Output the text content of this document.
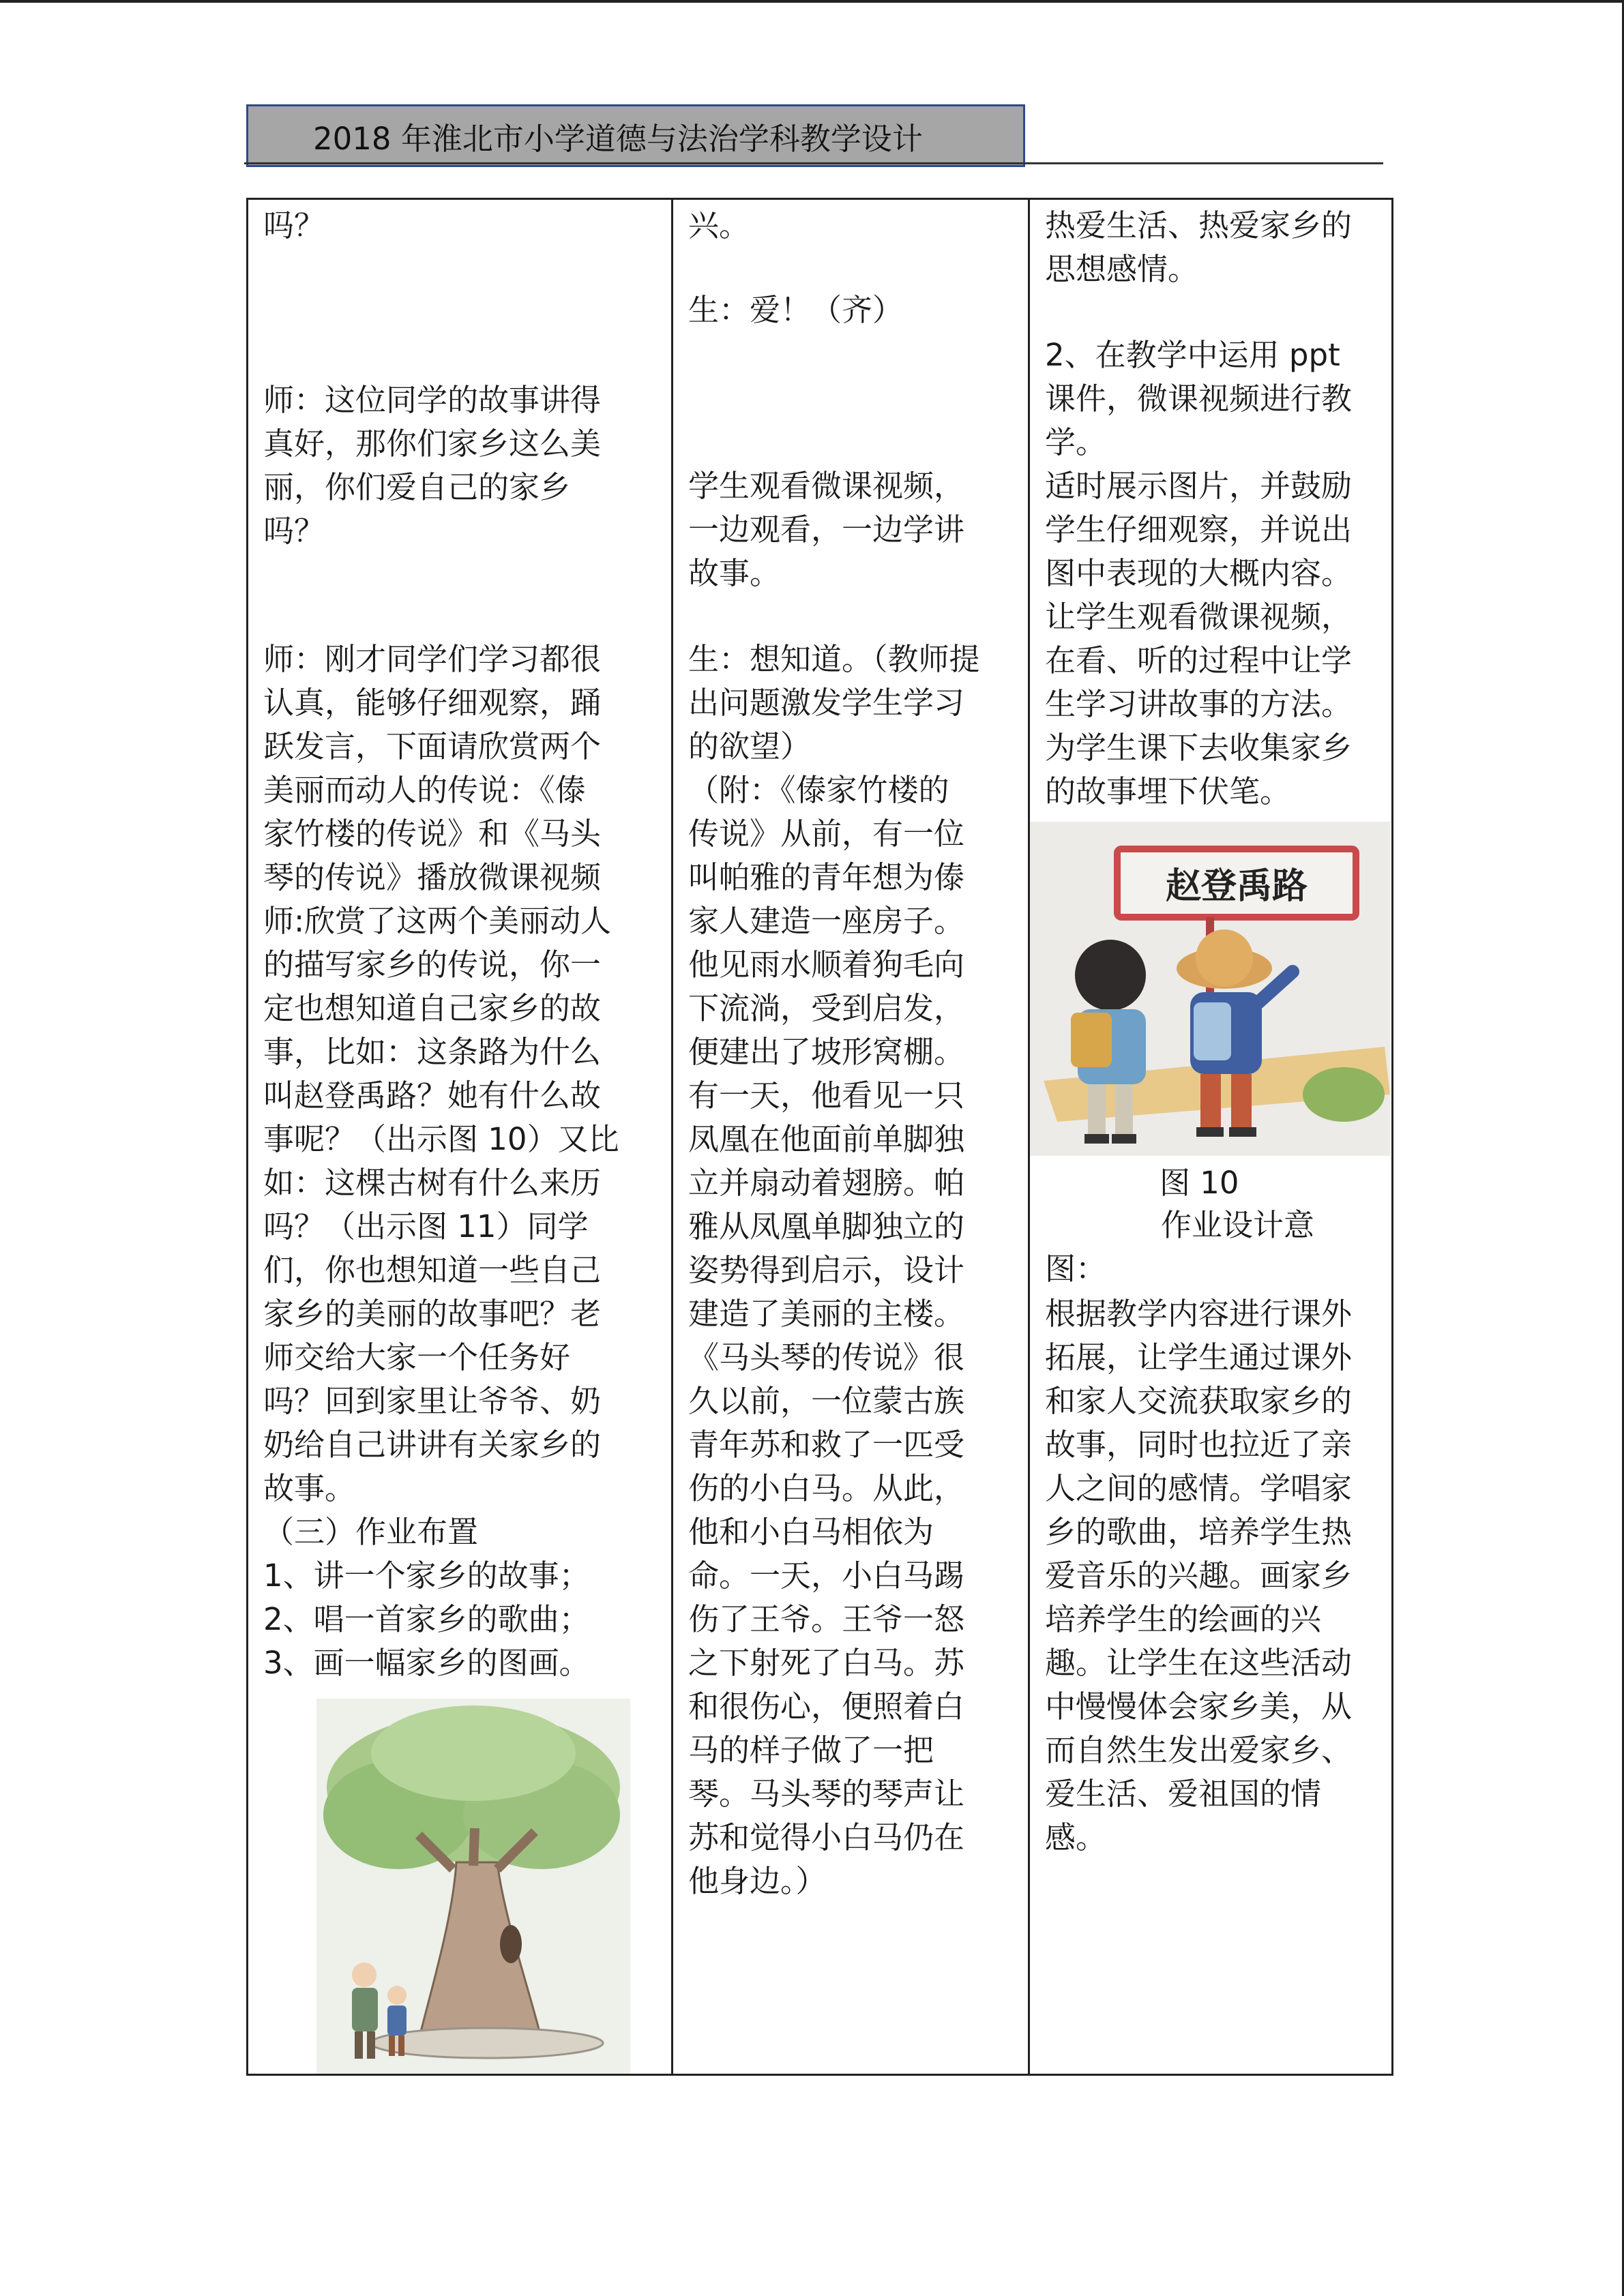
2018 年淮北市小学道德与法治学科教学设计

吗？

师：这位同学的故事讲得
真好，那你们家乡这么美
丽，你们爱自己的家乡
吗？

师：刚才同学们学习都很
认真，能够仔细观察，踊
跃发言，下面请欣赏两个
美丽而动人的传说：《傣
家竹楼的传说》和《马头
琴的传说》播放微课视频
师:欣赏了这两个美丽动人
的描写家乡的传说，你一
定也想知道自己家乡的故
事，比如：这条路为什么
叫赵登禹路？她有什么故
事呢？（出示图 10）又比
如：这棵古树有什么来历
吗？（出示图 11）同学
们，你也想知道一些自己
家乡的美丽的故事吧？老
师交给大家一个任务好
吗？回到家里让爷爷、奶
奶给自己讲讲有关家乡的
故事。
（三）作业布置
1、讲一个家乡的故事；
2、唱一首家乡的歌曲；
3、画一幅家乡的图画。

兴。

生：爱！（齐）

学生观看微课视频，
一边观看，一边学讲
故事。

生：想知道。（教师提
出问题激发学生学习
的欲望）
（附：《傣家竹楼的
传说》从前，有一位
叫帕雅的青年想为傣
家人建造一座房子。
他见雨水顺着狗毛向
下流淌，受到启发，
便建出了坡形窝棚。
有一天，他看见一只
凤凰在他面前单脚独
立并扇动着翅膀。帕
雅从凤凰单脚独立的
姿势得到启示，设计
建造了美丽的主楼。
《马头琴的传说》很
久以前，一位蒙古族
青年苏和救了一匹受
伤的小白马。从此，
他和小白马相依为
命。一天，小白马踢
伤了王爷。王爷一怒
之下射死了白马。苏
和很伤心，便照着白
马的样子做了一把
琴。马头琴的琴声让
苏和觉得小白马仍在
他身边。）

热爱生活、热爱家乡的
思想感情。

2、在教学中运用 ppt
课件，微课视频进行教
学。
适时展示图片，并鼓励
学生仔细观察，并说出
图中表现的大概内容。
让学生观看微课视频，
在看、听的过程中让学
生学习讲故事的方法。
为学生课下去收集家乡
的故事埋下伏笔。

赵登禹路
图 10

作业设计意
图：

根据教学内容进行课外
拓展，让学生通过课外
和家人交流获取家乡的
故事，同时也拉近了亲
人之间的感情。学唱家
乡的歌曲，培养学生热
爱音乐的兴趣。画家乡
培养学生的绘画的兴
趣。让学生在这些活动
中慢慢体会家乡美，从
而自然生发出爱家乡、
爱生活、爱祖国的情
感。
